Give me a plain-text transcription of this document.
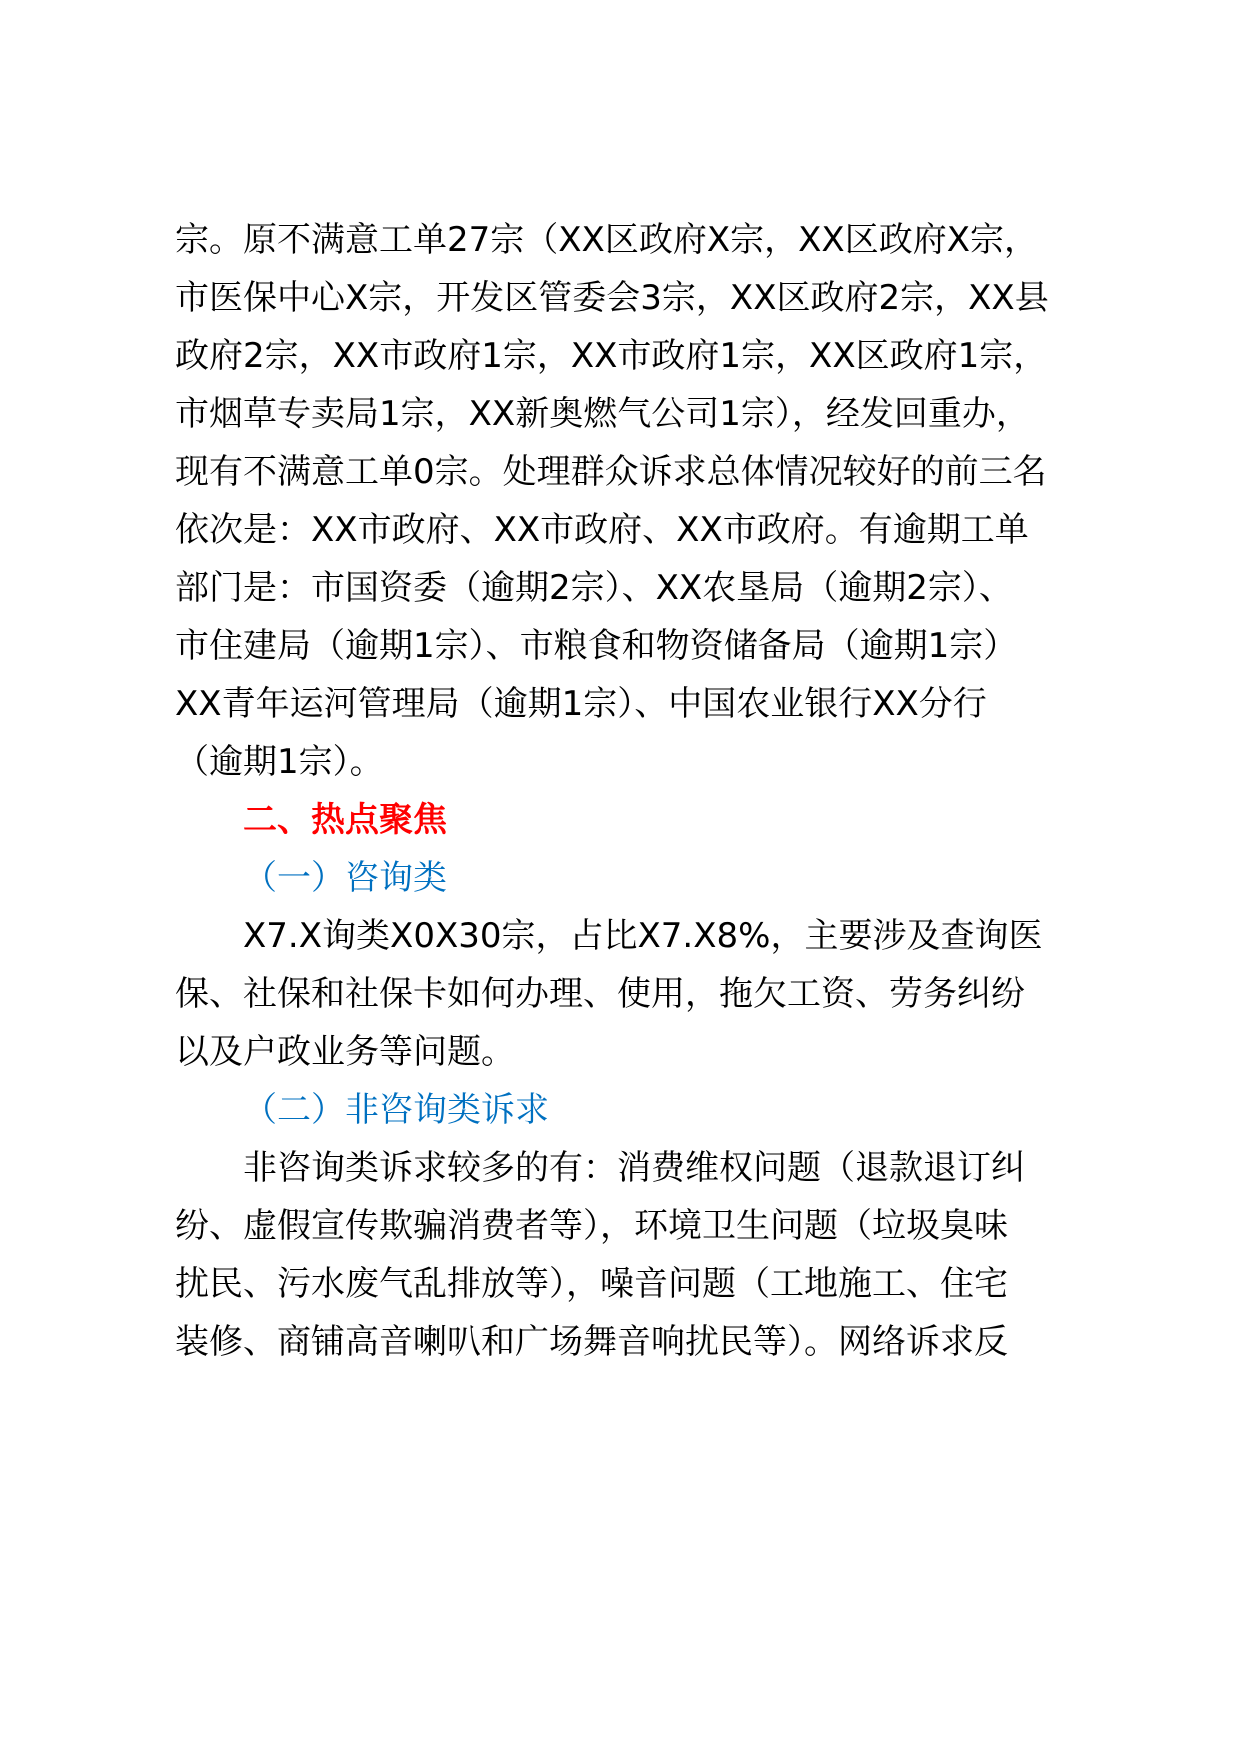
宗。原不满意工单27宗（XX区政府X宗，XX区政府X宗，
市医保中心X宗，开发区管委会3宗，XX区政府2宗，XX县
政府2宗，XX市政府1宗，XX市政府1宗，XX区政府1宗，
市烟草专卖局1宗，XX新奥燃气公司1宗），经发回重办，
现有不满意工单0宗。处理群众诉求总体情况较好的前三名
依次是：XX市政府、XX市政府、XX市政府。有逾期工单
部门是：市国资委（逾期2宗）、XX农垦局（逾期2宗）、
市住建局（逾期1宗）、市粮食和物资储备局（逾期1宗）
XX青年运河管理局（逾期1宗）、中国农业银行XX分行
（逾期1宗）。
二、热点聚焦
（一）咨询类
X7.X询类X0X30宗，占比X7.X8%，主要涉及查询医
保、社保和社保卡如何办理、使用，拖欠工资、劳务纠纷
以及户政业务等问题。
（二）非咨询类诉求
非咨询类诉求较多的有：消费维权问题（退款退订纠
纷、虚假宣传欺骗消费者等），环境卫生问题（垃圾臭味
扰民、污水废气乱排放等），噪音问题（工地施工、住宅
装修、商铺高音喇叭和广场舞音响扰民等）。网络诉求反
